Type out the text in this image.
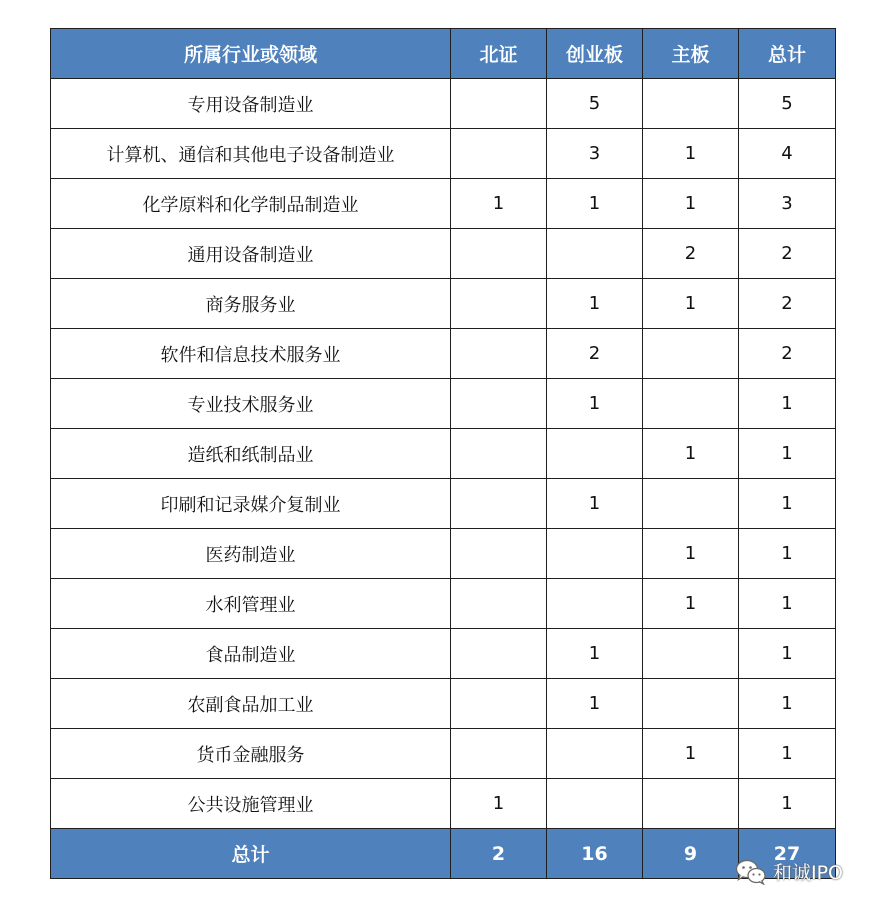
所属行业或领域	北证	创业板	主板	总计
专用设备制造业		5		5
计算机、通信和其他电子设备制造业		3	1	4
化学原料和化学制品制造业	1	1	1	3
通用设备制造业			2	2
商务服务业		1	1	2
软件和信息技术服务业		2		2
专业技术服务业		1		1
造纸和纸制品业			1	1
印刷和记录媒介复制业		1		1
医药制造业			1	1
水利管理业			1	1
食品制造业		1		1
农副食品加工业		1		1
货币金融服务			1	1
公共设施管理业	1			1
总计	2	16	9	27
和诚IPO
